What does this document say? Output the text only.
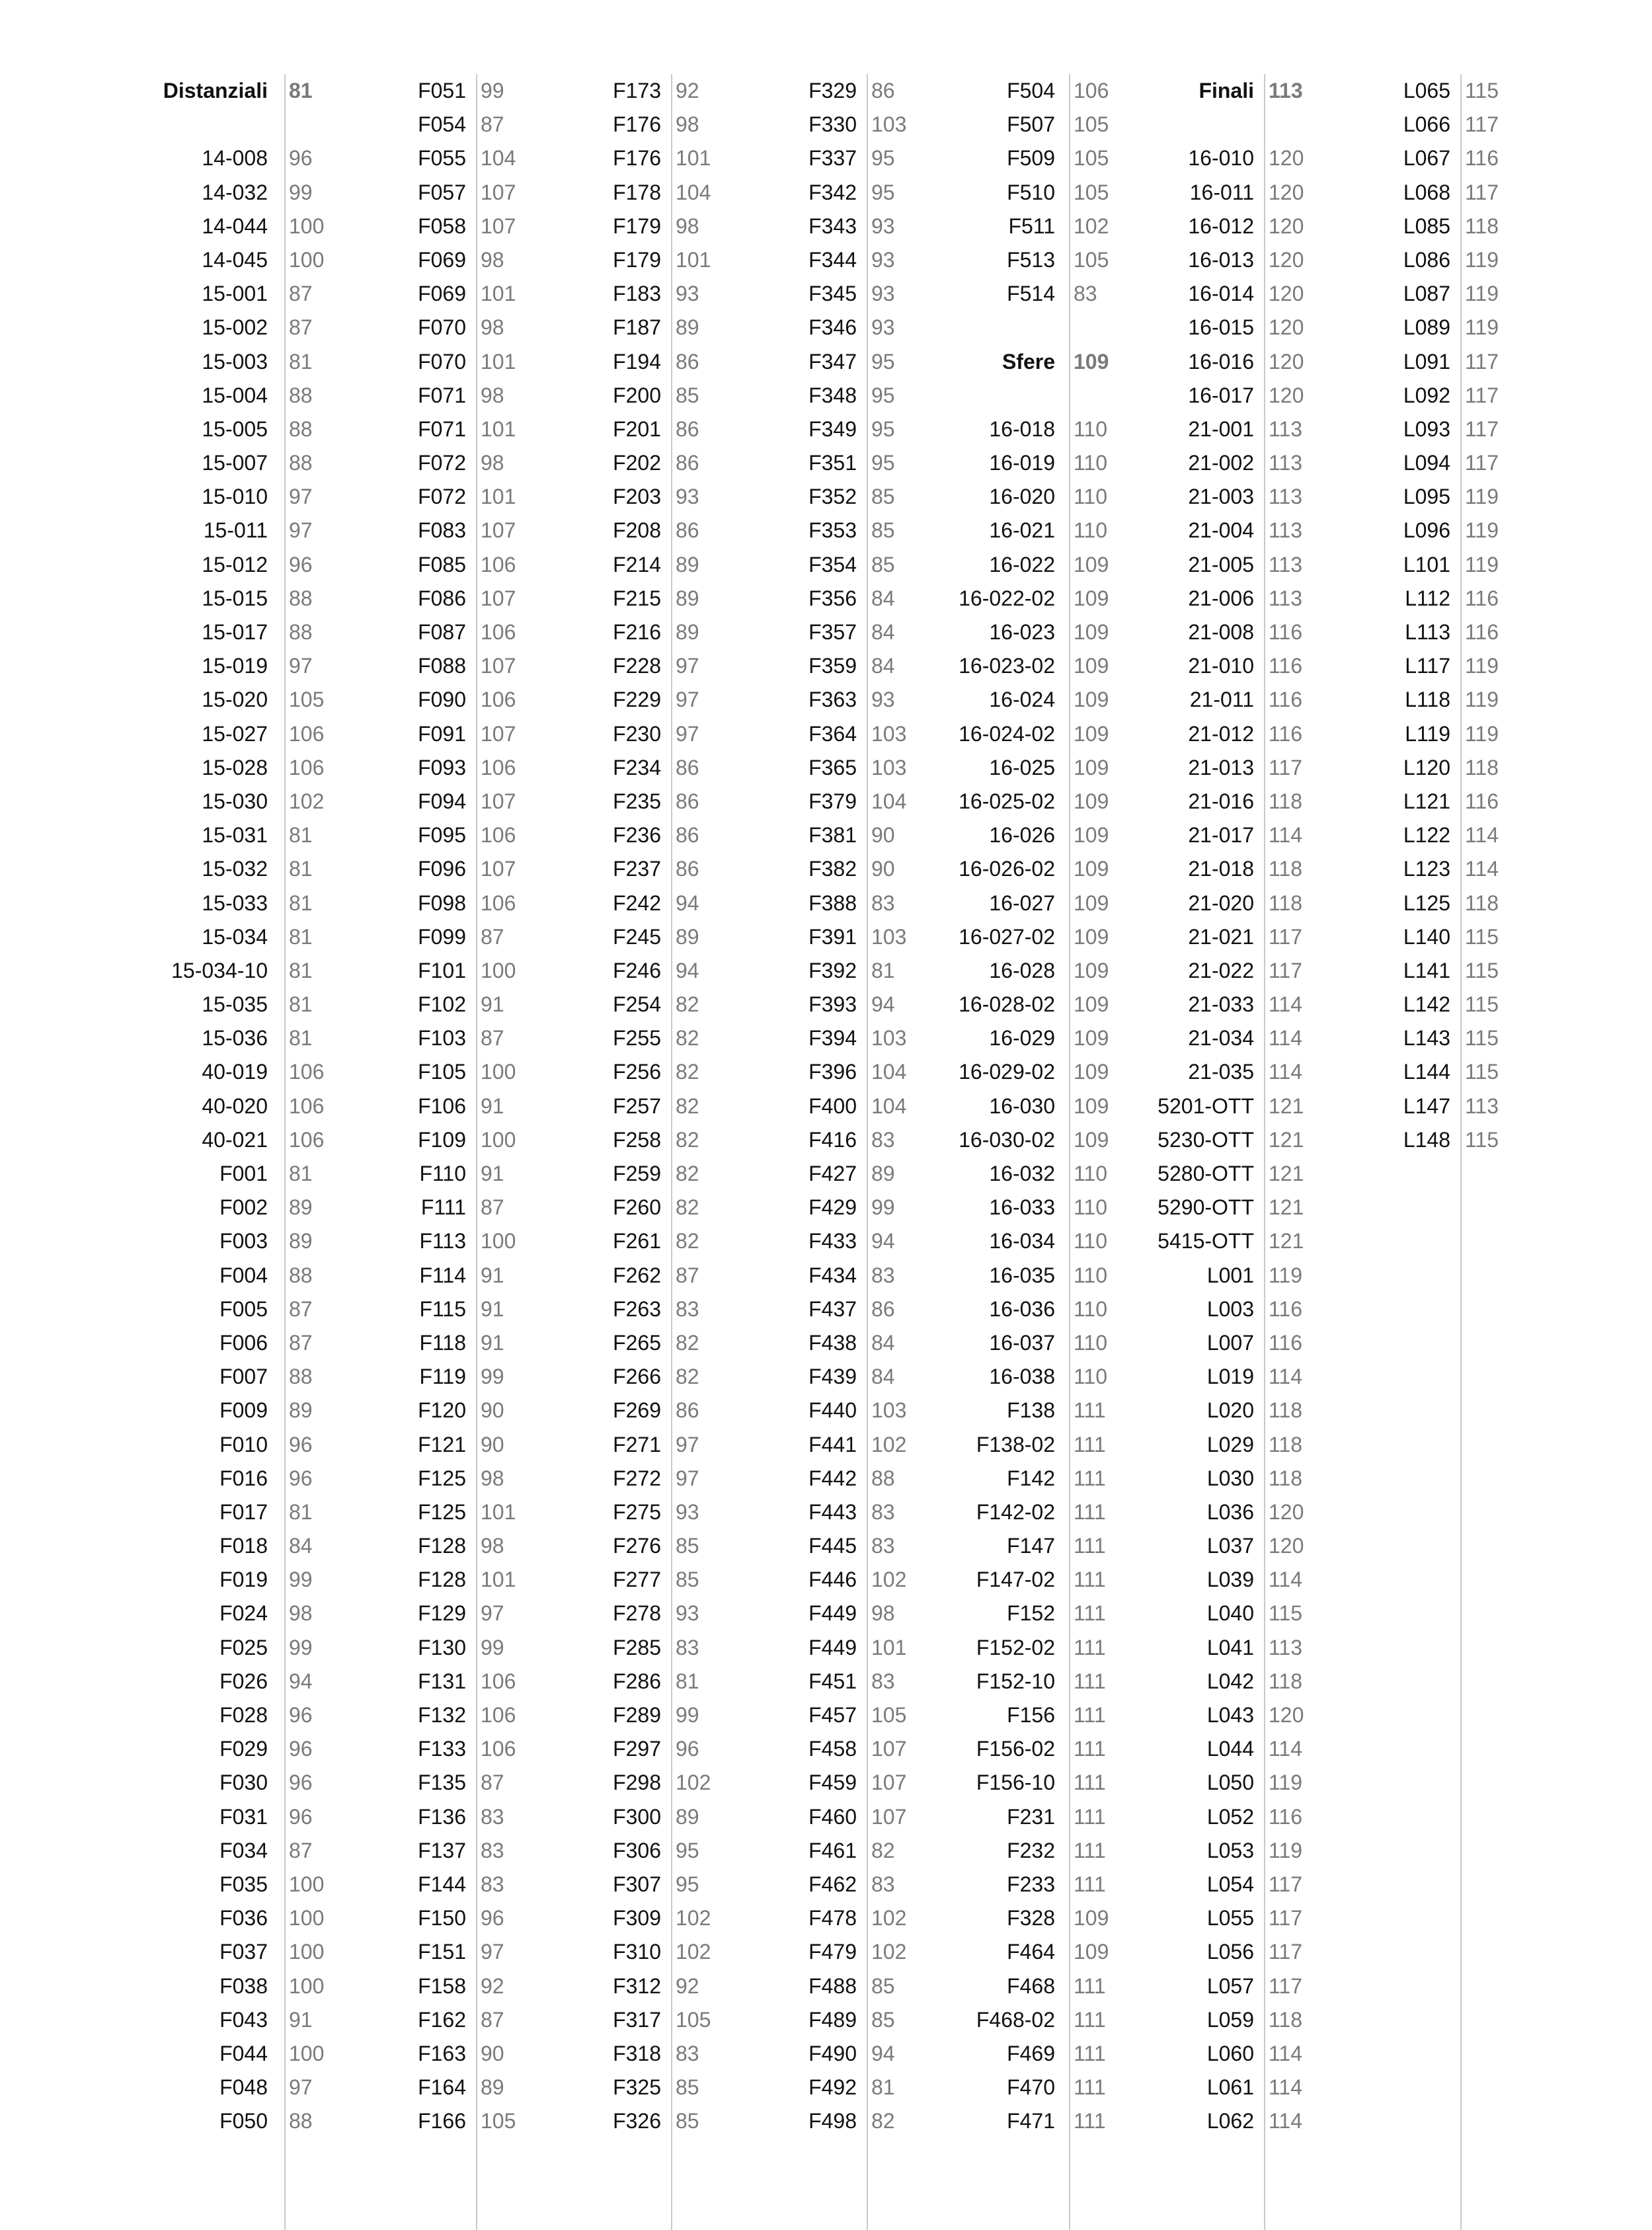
Distanziali 81
14-008 96
14-032 99
14-044 100
14-045 100
15-001 87
15-002 87
15-003 81
15-004 88
15-005 88
15-007 88
15-010 97
15-011 97
15-012 96
15-015 88
15-017 88
15-019 97
15-020 105
15-027 106
15-028 106
15-030 102
15-031 81
15-032 81
15-033 81
15-034 81
15-034-10 81
15-035 81
15-036 81
40-019 106
40-020 106
40-021 106
F001 81
F002 89
F003 89
F004 88
F005 87
F006 87
F007 88
F009 89
F010 96
F016 96
F017 81
F018 84
F019 99
F024 98
F025 99
F026 94
F028 96
F029 96
F030 96
F031 96
F034 87
F035 100
F036 100
F037 100
F038 100
F043 91
F044 100
F048 97
F050 88
F051 99
F054 87
F055 104
F057 107
F058 107
F069 98
F069 101
F070 98
F070 101
F071 98
F071 101
F072 98
F072 101
F083 107
F085 106
F086 107
F087 106
F088 107
F090 106
F091 107
F093 106
F094 107
F095 106
F096 107
F098 106
F099 87
F101 100
F102 91
F103 87
F105 100
F106 91
F109 100
F110 91
F111 87
F113 100
F114 91
F115 91
F118 91
F119 99
F120 90
F121 90
F125 98
F125 101
F128 98
F128 101
F129 97
F130 99
F131 106
F132 106
F133 106
F135 87
F136 83
F137 83
F144 83
F150 96
F151 97
F158 92
F162 87
F163 90
F164 89
F166 105
F173 92
F176 98
F176 101
F178 104
F179 98
F179 101
F183 93
F187 89
F194 86
F200 85
F201 86
F202 86
F203 93
F208 86
F214 89
F215 89
F216 89
F228 97
F229 97
F230 97
F234 86
F235 86
F236 86
F237 86
F242 94
F245 89
F246 94
F254 82
F255 82
F256 82
F257 82
F258 82
F259 82
F260 82
F261 82
F262 87
F263 83
F265 82
F266 82
F269 86
F271 97
F272 97
F275 93
F276 85
F277 85
F278 93
F285 83
F286 81
F289 99
F297 96
F298 102
F300 89
F306 95
F307 95
F309 102
F310 102
F312 92
F317 105
F318 83
F325 85
F326 85
F329 86
F330 103
F337 95
F342 95
F343 93
F344 93
F345 93
F346 93
F347 95
F348 95
F349 95
F351 95
F352 85
F353 85
F354 85
F356 84
F357 84
F359 84
F363 93
F364 103
F365 103
F379 104
F381 90
F382 90
F388 83
F391 103
F392 81
F393 94
F394 103
F396 104
F400 104
F416 83
F427 89
F429 99
F433 94
F434 83
F437 86
F438 84
F439 84
F440 103
F441 102
F442 88
F443 83
F445 83
F446 102
F449 98
F449 101
F451 83
F457 105
F458 107
F459 107
F460 107
F461 82
F462 83
F478 102
F479 102
F488 85
F489 85
F490 94
F492 81
F498 82
F504 106
F507 105
F509 105
F510 105
F511 102
F513 105
F514 83
Sfere 109
16-018 110
16-019 110
16-020 110
16-021 110
16-022 109
16-022-02 109
16-023 109
16-023-02 109
16-024 109
16-024-02 109
16-025 109
16-025-02 109
16-026 109
16-026-02 109
16-027 109
16-027-02 109
16-028 109
16-028-02 109
16-029 109
16-029-02 109
16-030 109
16-030-02 109
16-032 110
16-033 110
16-034 110
16-035 110
16-036 110
16-037 110
16-038 110
F138 111
F138-02 111
F142 111
F142-02 111
F147 111
F147-02 111
F152 111
F152-02 111
F152-10 111
F156 111
F156-02 111
F156-10 111
F231 111
F232 111
F233 111
F328 109
F464 109
F468 111
F468-02 111
F469 111
F470 111
F471 111
Finali 113
16-010 120
16-011 120
16-012 120
16-013 120
16-014 120
16-015 120
16-016 120
16-017 120
21-001 113
21-002 113
21-003 113
21-004 113
21-005 113
21-006 113
21-008 116
21-010 116
21-011 116
21-012 116
21-013 117
21-016 118
21-017 114
21-018 118
21-020 118
21-021 117
21-022 117
21-033 114
21-034 114
21-035 114
5201-OTT 121
5230-OTT 121
5280-OTT 121
5290-OTT 121
5415-OTT 121
L001 119
L003 116
L007 116
L019 114
L020 118
L029 118
L030 118
L036 120
L037 120
L039 114
L040 115
L041 113
L042 118
L043 120
L044 114
L050 119
L052 116
L053 119
L054 117
L055 117
L056 117
L057 117
L059 118
L060 114
L061 114
L062 114
L065 115
L066 117
L067 116
L068 117
L085 118
L086 119
L087 119
L089 119
L091 117
L092 117
L093 117
L094 117
L095 119
L096 119
L101 119
L112 116
L113 116
L117 119
L118 119
L119 119
L120 118
L121 116
L122 114
L123 114
L125 118
L140 115
L141 115
L142 115
L143 115
L144 115
L147 113
L148 115
